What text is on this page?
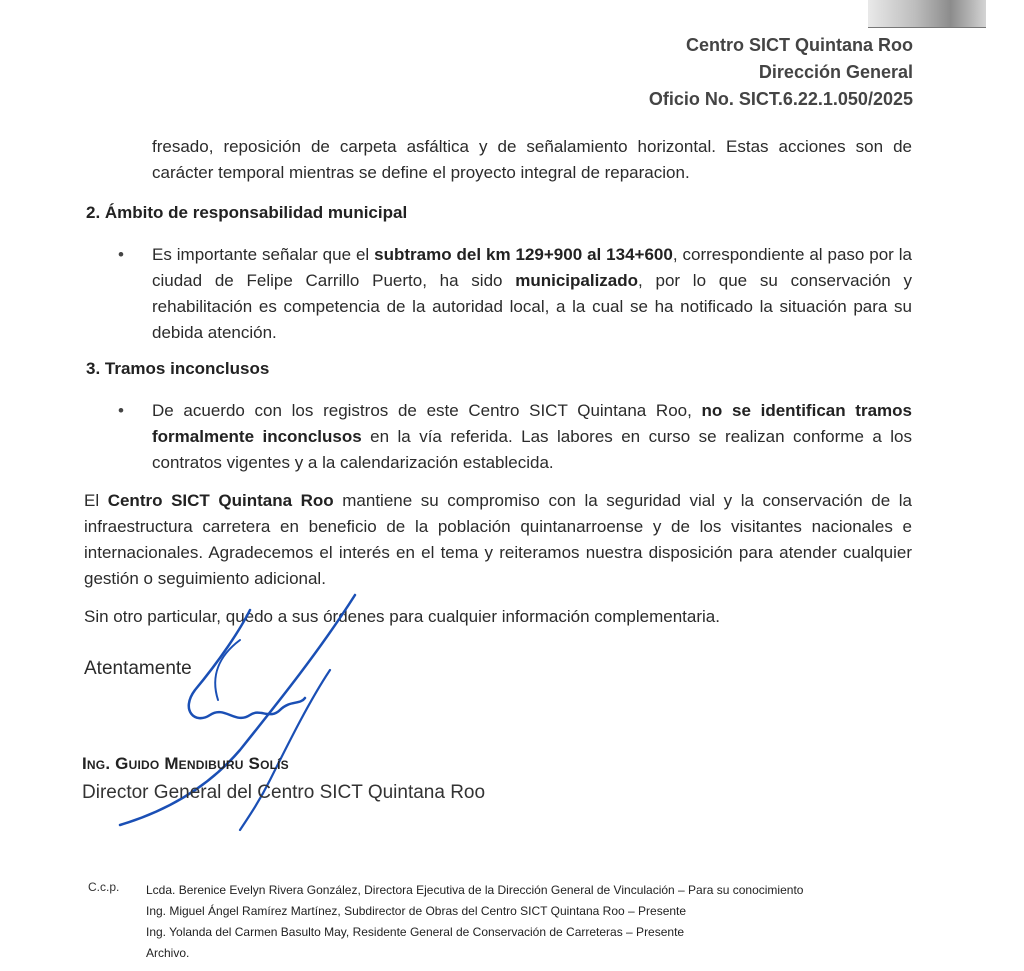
Centro SICT Quintana Roo
Dirección General
Oficio No. SICT.6.22.1.050/2025
fresado, reposición de carpeta asfáltica y de señalamiento horizontal. Estas acciones son de carácter temporal mientras se define el proyecto integral de reparacion.
2. Ámbito de responsabilidad municipal
• Es importante señalar que el subtramo del km 129+900 al 134+600, correspondiente al paso por la ciudad de Felipe Carrillo Puerto, ha sido municipalizado, por lo que su conservación y rehabilitación es competencia de la autoridad local, a la cual se ha notificado la situación para su debida atención.
3. Tramos inconclusos
• De acuerdo con los registros de este Centro SICT Quintana Roo, no se identifican tramos formalmente inconclusos en la vía referida. Las labores en curso se realizan conforme a los contratos vigentes y a la calendarización establecida.
El Centro SICT Quintana Roo mantiene su compromiso con la seguridad vial y la conservación de la infraestructura carretera en beneficio de la población quintanarroense y de los visitantes nacionales e internacionales. Agradecemos el interés en el tema y reiteramos nuestra disposición para atender cualquier gestión o seguimiento adicional.
Sin otro particular, quedo a sus órdenes para cualquier información complementaria.
Atentamente
Ing. Guido Mendiburu Solís
Director General del Centro SICT Quintana Roo
C.c.p. Lcda. Berenice Evelyn Rivera González, Directora Ejecutiva de la Dirección General de Vinculación – Para su conocimiento
Ing. Miguel Ángel Ramírez Martínez, Subdirector de Obras del Centro SICT Quintana Roo – Presente
Ing. Yolanda del Carmen Basulto May, Residente General de Conservación de Carreteras – Presente
Archivo.
